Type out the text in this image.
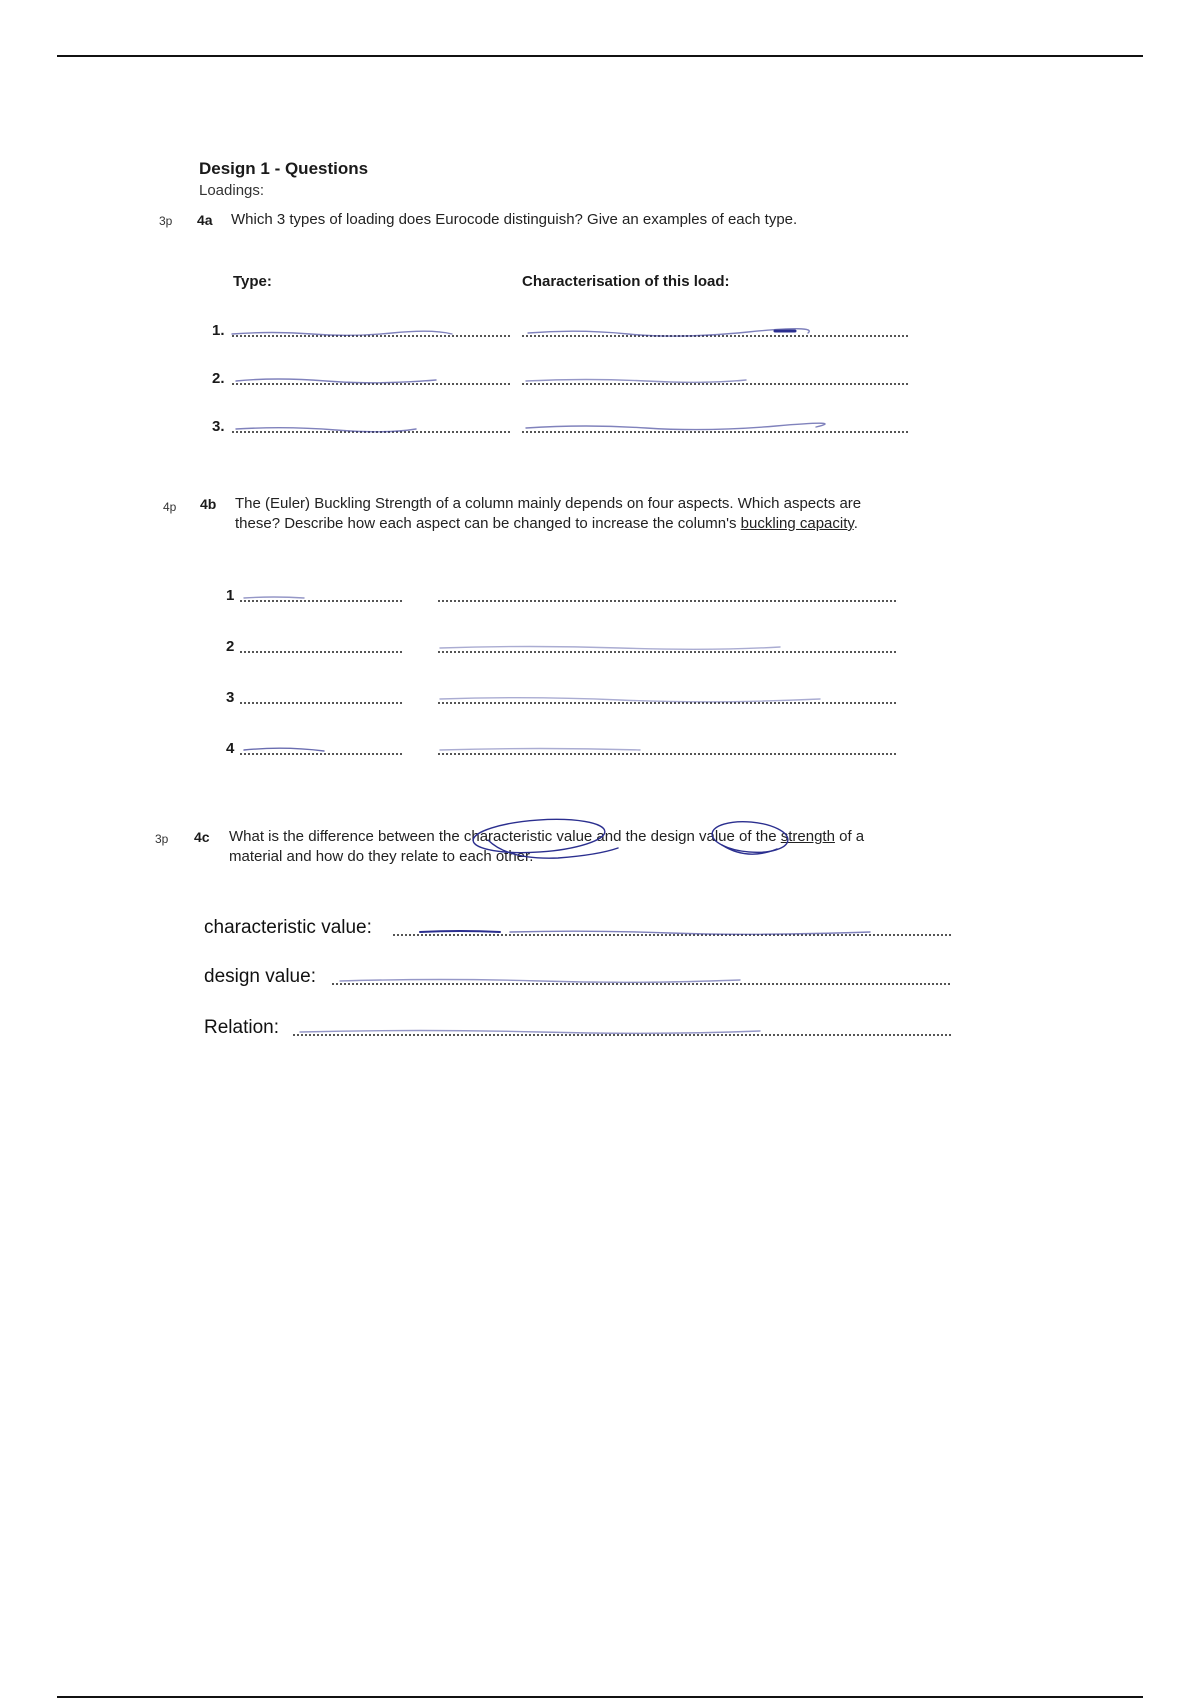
Design 1 - Questions
Loadings:
3p 4a Which 3 types of loading does Eurocode distinguish? Give an examples of each type.
Type:	Characterisation of this load:
1.
2.
3.
4p 4b The (Euler) Buckling Strength of a column mainly depends on four aspects. Which aspects are
these? Describe how each aspect can be changed to increase the column's buckling capacity.
1
2
3
4
3p 4c What is the difference between the characteristic value and the design value of the strength of a
material and how do they relate to each other.
characteristic value:
design value:
Relation:
